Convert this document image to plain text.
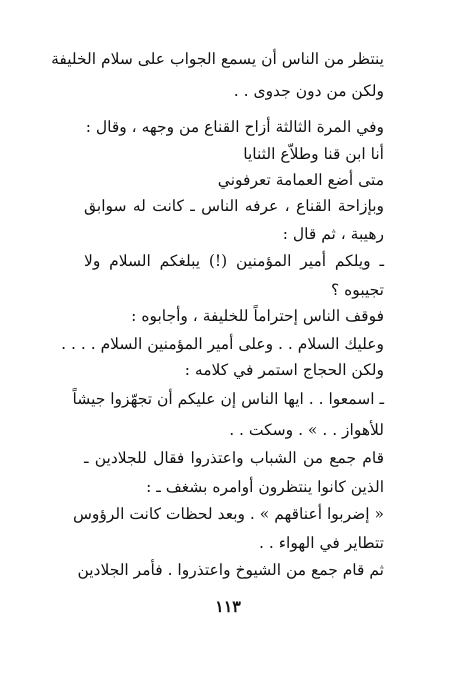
ينتظر من الناس أن يسمع الجواب على سلام الخليفة
ولكن من دون جدوى . .
وفي المرة الثالثة أزاح القناع من وجهه ، وقال :
أنا ابن قنا وطلاّع الثنايا
متى أضع العمامة تعرفوني
وبإزاحة القناع ، عرفه الناس ـ كانت له سوابق
رهيبة ، ثم قال :
ـ ويلكم أمير المؤمنين (!) يبلغكم السلام ولا
تجيبوه ؟
فوقف الناس إحتراماً للخليفة ، وأجابوه :
وعليك السلام . . وعلى أمير المؤمنين السلام . . . .
ولكن الحجاج استمر في كلامه :
ـ اسمعوا . . ايها الناس إن عليكم أن تجهّزوا جيشاً
للأهواز . . » . وسكت . .
قام جمع من الشباب واعتذروا فقال للجلادين ـ
الذين كانوا ينتظرون أوامره بشغف ـ :
« إضربوا أعناقهم » . وبعد لحظات كانت الرؤوس
تتطاير في الهواء . .
ثم قام جمع من الشيوخ واعتذروا . فأمر الجلادين
١١٣
